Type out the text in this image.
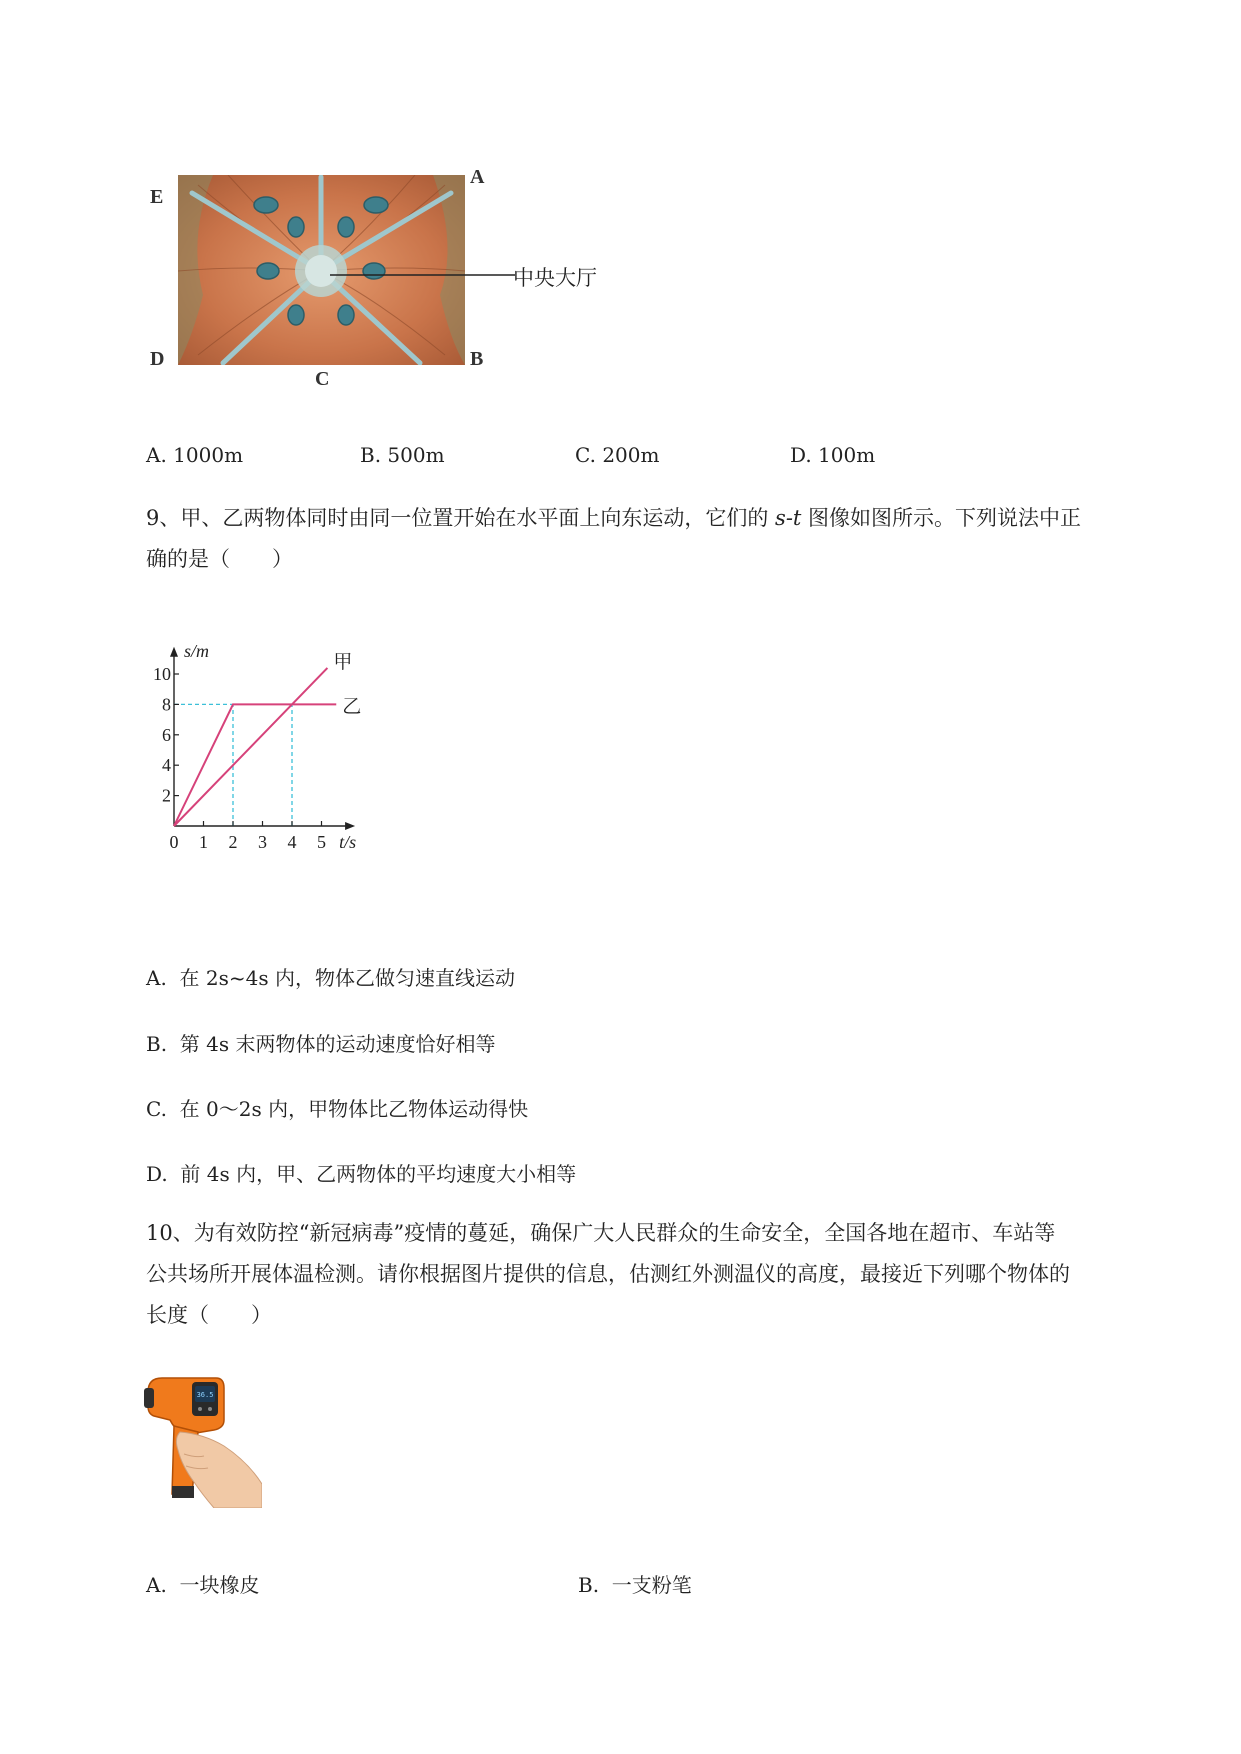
中央大厅
A
E
D	B
C
A. 1000m	B. 500m	C. 200m	D. 100m
9、甲、乙两物体同时由同一位置开始在水平面上向东运动，它们的 s-t 图像如图所示。下列说法中正
确的是（　　）
0 1 2 3 4 5
2
4
6
8
10
s/m
t/s
甲
乙
A. 在 2s~4s 内，物体乙做匀速直线运动
B. 第 4s 末两物体的运动速度恰好相等
C. 在 0～2s 内，甲物体比乙物体运动得快
D. 前 4s 内，甲、乙两物体的平均速度大小相等
10、为有效防控“新冠病毒”疫情的蔓延，确保广大人民群众的生命安全，全国各地在超市、车站等
公共场所开展体温检测。请你根据图片提供的信息，估测红外测温仪的高度，最接近下列哪个物体的
长度（　　）
36.5
A. 一块橡皮	B. 一支粉笔
